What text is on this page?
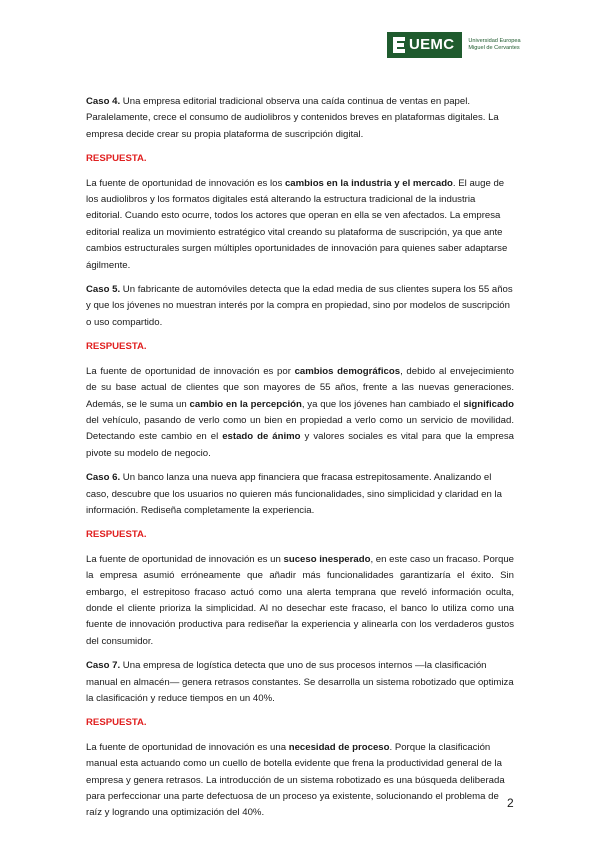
UEMC	Universidad Europea
Miguel de Cervantes

Caso 4. Una empresa editorial tradicional observa una caída continua de ventas en papel. Paralelamente, crece el consumo de audiolibros y contenidos breves en plataformas digitales. La empresa decide crear su propia plataforma de suscripción digital.

RESPUESTA.

La fuente de oportunidad de innovación es los cambios en la industria y el mercado. El auge de los audiolibros y los formatos digitales está alterando la estructura tradicional de la industria editorial. Cuando esto ocurre, todos los actores que operan en ella se ven afectados. La empresa editorial realiza un movimiento estratégico vital creando su plataforma de suscripción, ya que ante cambios estructurales surgen múltiples oportunidades de innovación para quienes saber adaptarse ágilmente.

Caso 5. Un fabricante de automóviles detecta que la edad media de sus clientes supera los 55 años y que los jóvenes no muestran interés por la compra en propiedad, sino por modelos de suscripción o uso compartido.

RESPUESTA.

La fuente de oportunidad de innovación es por cambios demográficos, debido al envejecimiento de su base actual de clientes que son mayores de 55 años, frente a las nuevas generaciones. Además, se le suma un cambio en la percepción, ya que los jóvenes han cambiado el significado del vehículo, pasando de verlo como un bien en propiedad a verlo como un servicio de movilidad. Detectando este cambio en el estado de ánimo y valores sociales es vital para que la empresa pivote su modelo de negocio.

Caso 6. Un banco lanza una nueva app financiera que fracasa estrepitosamente. Analizando el caso, descubre que los usuarios no quieren más funcionalidades, sino simplicidad y claridad en la información. Rediseña completamente la experiencia.

RESPUESTA.

La fuente de oportunidad de innovación es un suceso inesperado, en este caso un fracaso. Porque la empresa asumió erróneamente que añadir más funcionalidades garantizaría el éxito. Sin embargo, el estrepitoso fracaso actuó como una alerta temprana que reveló información oculta, donde el cliente prioriza la simplicidad. Al no desechar este fracaso, el banco lo utiliza como una fuente de innovación productiva para rediseñar la experiencia y alinearla con los verdaderos gustos del consumidor.

Caso 7. Una empresa de logística detecta que uno de sus procesos internos —la clasificación manual en almacén— genera retrasos constantes. Se desarrolla un sistema robotizado que optimiza la clasificación y reduce tiempos en un 40%.

RESPUESTA.

La fuente de oportunidad de innovación es una necesidad de proceso. Porque la clasificación manual esta actuando como un cuello de botella evidente que frena la productividad general de la empresa y genera retrasos. La introducción de un sistema robotizado es una búsqueda deliberada para perfeccionar una parte defectuosa de un proceso ya existente, solucionando el problema de raíz y logrando una optimización del 40%.

2
